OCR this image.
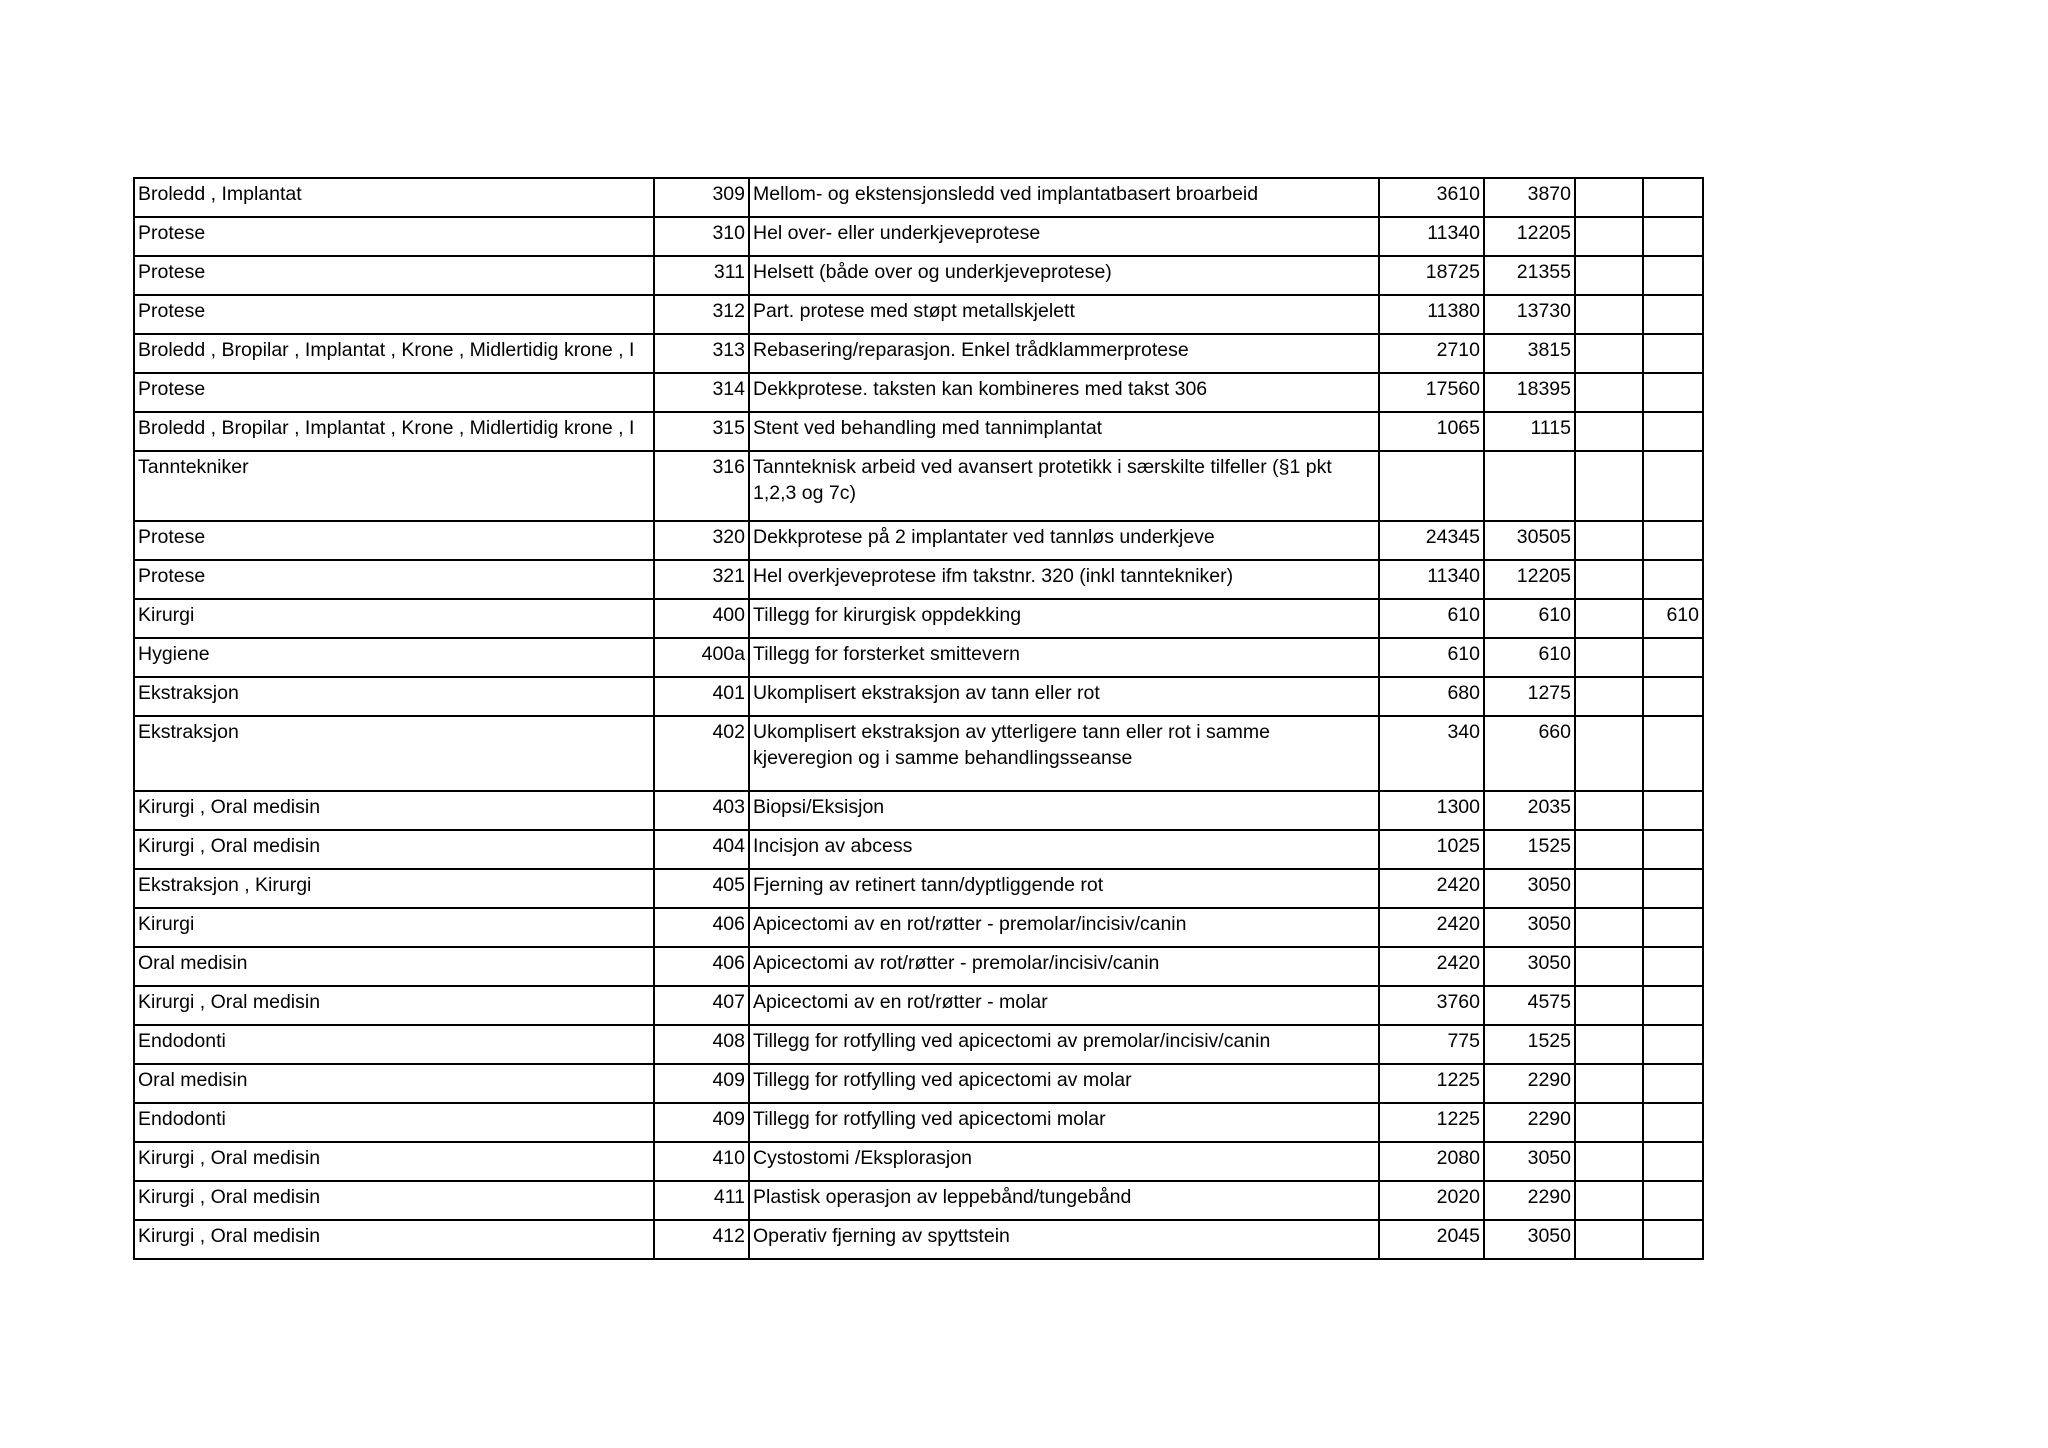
Broledd , Implantat	309	Mellom- og ekstensjonsledd ved implantatbasert broarbeid	3610	3870		
Protese	310	Hel over- eller underkjeveprotese	11340	12205		
Protese	311	Helsett (både over og underkjeveprotese)	18725	21355		
Protese	312	Part. protese med støpt metallskjelett	11380	13730		
Broledd , Bropilar , Implantat , Krone , Midlertidig krone , I	313	Rebasering/reparasjon. Enkel trådklammerprotese	2710	3815		
Protese	314	Dekkprotese. taksten kan kombineres med takst 306	17560	18395		
Broledd , Bropilar , Implantat , Krone , Midlertidig krone , I	315	Stent ved behandling med tannimplantat	1065	1115		
Tanntekniker	316	Tannteknisk arbeid ved avansert protetikk i særskilte tilfeller (§1 pkt 1,2,3 og 7c)				
Protese	320	Dekkprotese på 2 implantater ved tannløs underkjeve	24345	30505		
Protese	321	Hel overkjeveprotese ifm takstnr. 320 (inkl tanntekniker)	11340	12205		
Kirurgi	400	Tillegg for kirurgisk oppdekking	610	610		610
Hygiene	400a	Tillegg for forsterket smittevern	610	610		
Ekstraksjon	401	Ukomplisert ekstraksjon av tann eller rot	680	1275		
Ekstraksjon	402	Ukomplisert ekstraksjon av ytterligere tann eller rot i samme kjeveregion og i samme behandlingsseanse	340	660		
Kirurgi , Oral medisin	403	Biopsi/Eksisjon	1300	2035		
Kirurgi , Oral medisin	404	Incisjon av abcess	1025	1525		
Ekstraksjon , Kirurgi	405	Fjerning av retinert tann/dyptliggende rot	2420	3050		
Kirurgi	406	Apicectomi av en rot/røtter - premolar/incisiv/canin	2420	3050		
Oral medisin	406	Apicectomi av rot/røtter - premolar/incisiv/canin	2420	3050		
Kirurgi , Oral medisin	407	Apicectomi av en rot/røtter - molar	3760	4575		
Endodonti	408	Tillegg for rotfylling ved apicectomi av premolar/incisiv/canin	775	1525		
Oral medisin	409	Tillegg for rotfylling ved apicectomi av molar	1225	2290		
Endodonti	409	Tillegg for rotfylling ved apicectomi molar	1225	2290		
Kirurgi , Oral medisin	410	Cystostomi /Eksplorasjon	2080	3050		
Kirurgi , Oral medisin	411	Plastisk operasjon av leppebånd/tungebånd	2020	2290		
Kirurgi , Oral medisin	412	Operativ fjerning av spyttstein	2045	3050		
